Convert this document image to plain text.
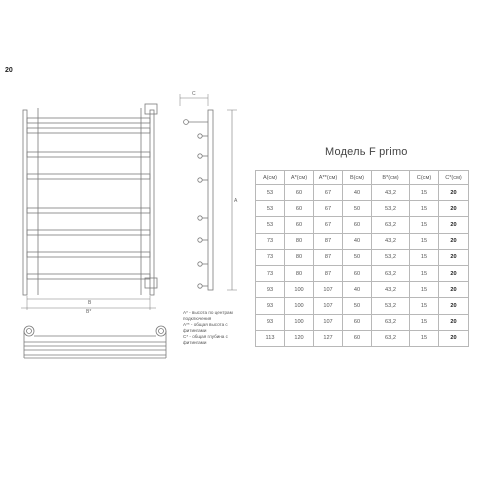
20
B
B*
C
A
A* - высота по центрам подключения
A** - общая высота с фитингами
C* - общая глубина с фитингами
Модель F primo
A(см)	A*(см)	A**(см)	B(см)	B*(см)	C(см)	C*(см)
53	60	67	40	43,2	15	20
53	60	67	50	53,2	15	20
53	60	67	60	63,2	15	20
73	80	87	40	43,2	15	20
73	80	87	50	53,2	15	20
73	80	87	60	63,2	15	20
93	100	107	40	43,2	15	20
93	100	107	50	53,2	15	20
93	100	107	60	63,2	15	20
113	120	127	60	63,2	15	20
